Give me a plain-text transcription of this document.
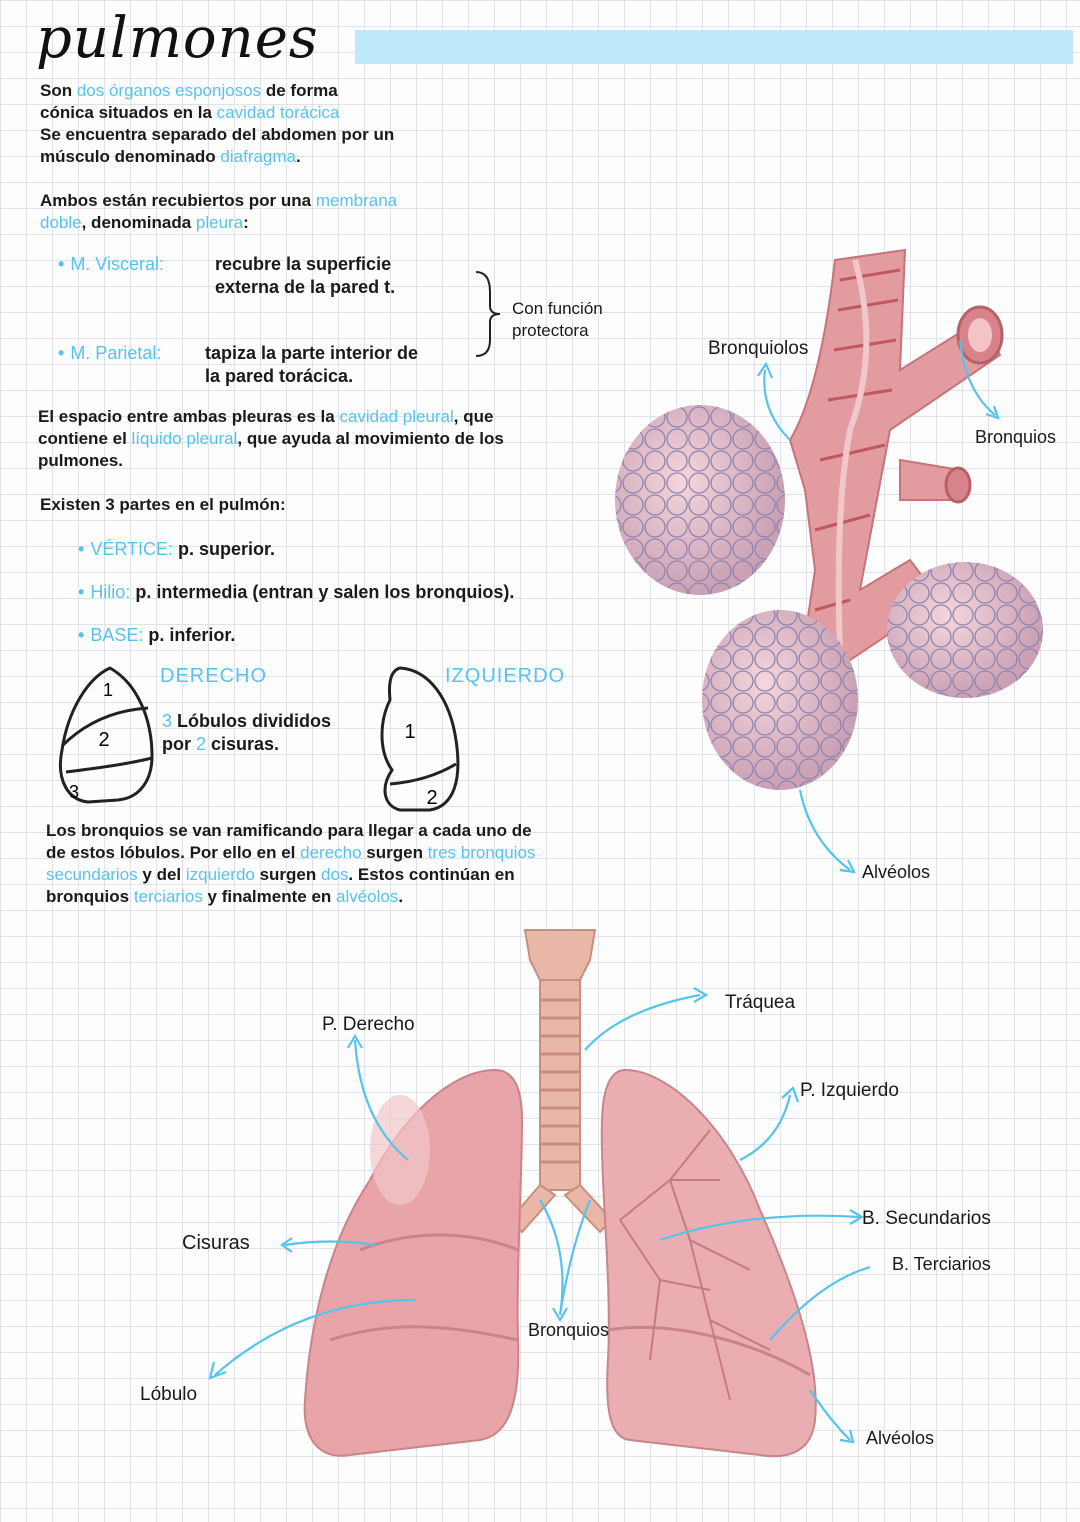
pulmones
Son dos órganos esponjosos de forma
cónica situados en la cavidad torácica
Se encuentra separado del abdomen por un
músculo denominado diafragma.
Ambos están recubiertos por una membrana
doble, denominada pleura:
• M. Visceral:	recubre la superficie
externa de la pared t.
• M. Parietal: tapiza la parte interior de
la pared torácica.
Con función
protectora
El espacio entre ambas pleuras es la cavidad pleural, que
contiene el líquido pleural, que ayuda al movimiento de los
pulmones.
Existen 3 partes en el pulmón:
• VÉRTICE: p. superior.
• Hilio: p. intermedia (entran y salen los bronquios).
• BASE: p. inferior.
1
2
3
DERECHO
3 Lóbulos divididos
por 2 cisuras.
IZQUIERDO
1
2
Los bronquios se van ramificando para llegar a cada uno de
de estos lóbulos. Por ello en el derecho surgen tres bronquios
secundarios y del izquierdo surgen dos. Estos continúan en
bronquios terciarios y finalmente en alvéolos.
Bronquiolos
Bronquios
Alvéolos
Tráquea
P. Derecho
P. Izquierdo
Cisuras
B. Secundarios
B. Terciarios
Bronquios
Lóbulo
Alvéolos
